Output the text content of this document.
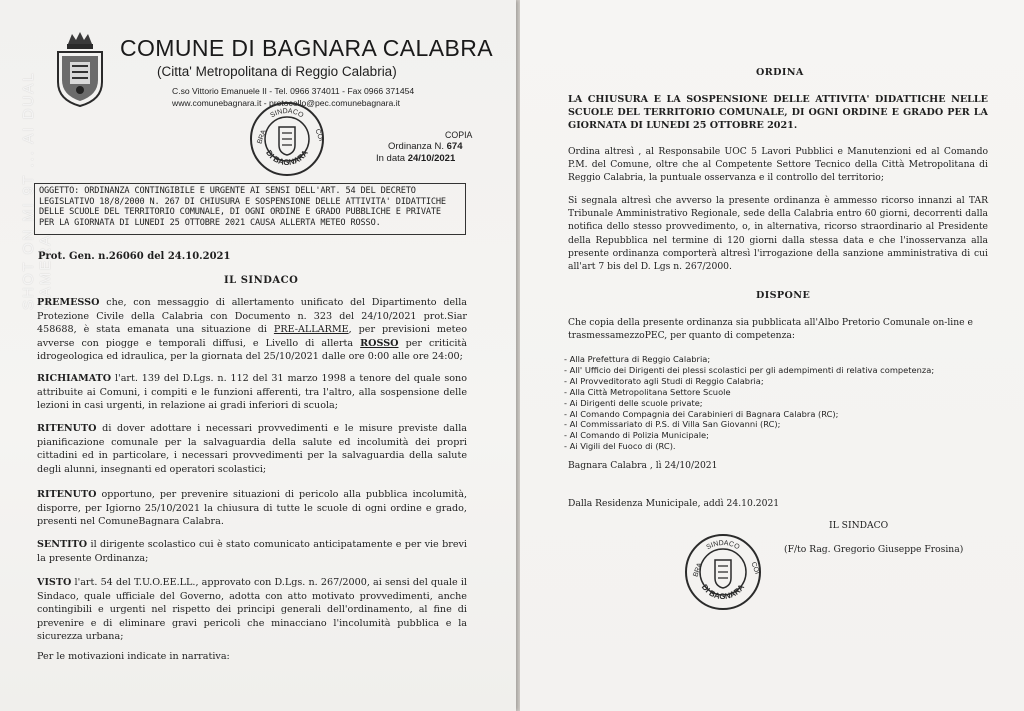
SHOT ON MI 9T ... AI DUAL CAMERA
COMUNE DI BAGNARA CALABRA
(Citta' Metropolitana di Reggio Calabria)
C.so Vittorio Emanuele II - Tel. 0966 374011 - Fax 0966 371454
www.comunebagnara.it - protocollo@pec.comunebagnara.it
SINDACO
DI BAGNARA
BRA	COI	COPIA
Ordinanza N. 674
In data 24/10/2021
OGGETTO: ORDINANZA CONTINGIBILE E URGENTE AI SENSI DELL'ART. 54 DEL DECRETO
LEGISLATIVO 18/8/2000 N. 267 DI CHIUSURA E SOSPENSIONE DELLE ATTIVITA' DIDATTICHE
DELLE SCUOLE DEL TERRITORIO COMUNALE, DI OGNI ORDINE E GRADO PUBBLICHE E PRIVATE
PER LA GIORNATA DI LUNEDI 25 OTTOBRE 2021 CAUSA ALLERTA METEO ROSSO.
Prot. Gen. n.26060 del 24.10.2021
IL SINDACO

PREMESSO che, con messaggio di allertamento unificato del Dipartimento della Protezione Civile della Calabria con Documento n. 323 del 24/10/2021 prot.Siar 458688, è stata emanata una situazione di PRE-ALLARME, per previsioni meteo avverse con piogge e temporali diffusi, e Livello di allerta ROSSO per criticità idrogeologica ed idraulica, per la giornata del 25/10/2021 dalle ore 0:00 alle ore 24:00;

RICHIAMATO l'art. 139 del D.Lgs. n. 112 del 31 marzo 1998 a tenore del quale sono attribuite ai Comuni, i compiti e le funzioni afferenti, tra l'altro, alla sospensione delle lezioni in casi urgenti, in relazione ai gradi inferiori di scuola;

RITENUTO di dover adottare i necessari provvedimenti e le misure previste dalla pianificazione comunale per la salvaguardia della salute ed incolumità dei propri cittadini ed in particolare, i necessari provvedimenti per la salvaguardia della salute degli alunni, insegnanti ed operatori scolastici;

RITENUTO opportuno, per prevenire situazioni di pericolo alla pubblica incolumità, disporre, per Igiorno 25/10/2021 la chiusura di tutte le scuole di ogni ordine e grado, presenti nel ComuneBagnara Calabra.

SENTITO il dirigente scolastico cui è stato comunicato anticipatamente e per vie brevi la presente Ordinanza;

VISTO l'art. 54 del T.U.O.EE.LL., approvato con D.Lgs. n. 267/2000, ai sensi del quale il Sindaco, quale ufficiale del Governo, adotta con atto motivato provvedimenti, anche contingibili e urgenti nel rispetto dei principi generali dell'ordinamento, al fine di prevenire e di eliminare gravi pericoli che minacciano l'incolumità pubblica e la sicurezza urbana;

Per le motivazioni indicate in narrativa:
ORDINA

LA CHIUSURA E LA SOSPENSIONE DELLE ATTIVITA' DIDATTICHE NELLE SCUOLE DEL TERRITORIO COMUNALE, DI OGNI ORDINE E GRADO PER LA GIORNATA DI LUNEDI 25 OTTOBRE 2021.

Ordina altresì , al Responsabile UOC 5 Lavori Pubblici e Manutenzioni ed al Comando P.M. del Comune, oltre che al Competente Settore Tecnico della Città Metropolitana di Reggio Calabria, la puntuale osservanza e il controllo del territorio;

Si segnala altresì che avverso la presente ordinanza è ammesso ricorso innanzi al TAR Tribunale Amministrativo Regionale, sede della Calabria entro 60 giorni, decorrenti dalla notifica dello stesso provvedimento, o, in alternativa, ricorso straordinario al Presidente della Repubblica nel termine di 120 giorni dalla stessa data e che l'inosservanza alla presente ordinanza comporterà altresì l'irrogazione della sanzione amministrativa di cui all'art 7 bis del D. Lgs n. 267/2000.

DISPONE

Che copia della presente ordinanza sia pubblicata all'Albo Pretorio Comunale on-line e trasmessamezzoPEC, per quanto di competenza:

- Alla Prefettura di Reggio Calabria;
- All' Ufficio dei Dirigenti dei plessi scolastici per gli adempimenti di relativa competenza;
- Al Provveditorato agli Studi di Reggio Calabria;
- Alla Città Metropolitana Settore Scuole
- Ai Dirigenti delle scuole private;
- Al Comando Compagnia dei Carabinieri di Bagnara Calabra (RC);
- Al Commissariato di P.S. di Villa San Giovanni (RC);
- Al Comando di Polizia Municipale;
- Ai Vigili del Fuoco di (RC).
Bagnara Calabra , lì 24/10/2021
Dalla Residenza Municipale, addì 24.10.2021
IL SINDACO
(F/to Rag. Gregorio Giuseppe Frosina)
SINDACO
DI BAGNARA
BRA	COI
